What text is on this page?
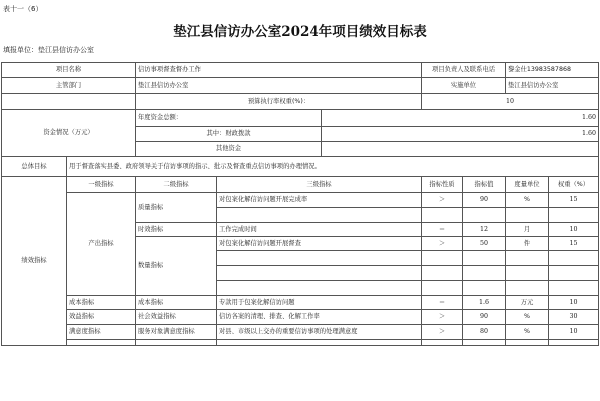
表十一（6）
垫江县信访办公室2024年项目绩效目标表
填报单位：垫江县信访办公室
项目名称		信访事项督查督办工作			项目负责人及联系电话		黎金仕13983587868	
主管部门		垫江县信访办公室			实施单位		垫江县信访办公室	
		预算执行率权重(%)：			10			
资金情况（万元）		年度资金总额：		1.60				
		其中：财政拨款		1.60				
		其他资金						
总体目标	用于督查落实县委、政府领导关于信访事项的指示、批示及督查重点信访事项的办理情况。							
绩效指标	一级指标	二级指标	三级指标		指标性质	指标值	度量单位	权重（%）
	产出指标	质量指标	对包案化解信访问题开展完成率		＞	90	%	15

		时效指标	工作完成时间		＝	12	月	10
		数量指标	对包案化解信访问题开展督查		＞	50	件	15

	成本指标	成本指标	专款用于包案化解信访问题		＝	1.6	万元	10
	效益指标	社会效益指标	信访各案的清理、排查、化解工作率		＞	90	%	30
	满意度指标	服务对象满意度指标	对县、市级以上交办的重要信访事项的处理满意度		＞	80	%	10
